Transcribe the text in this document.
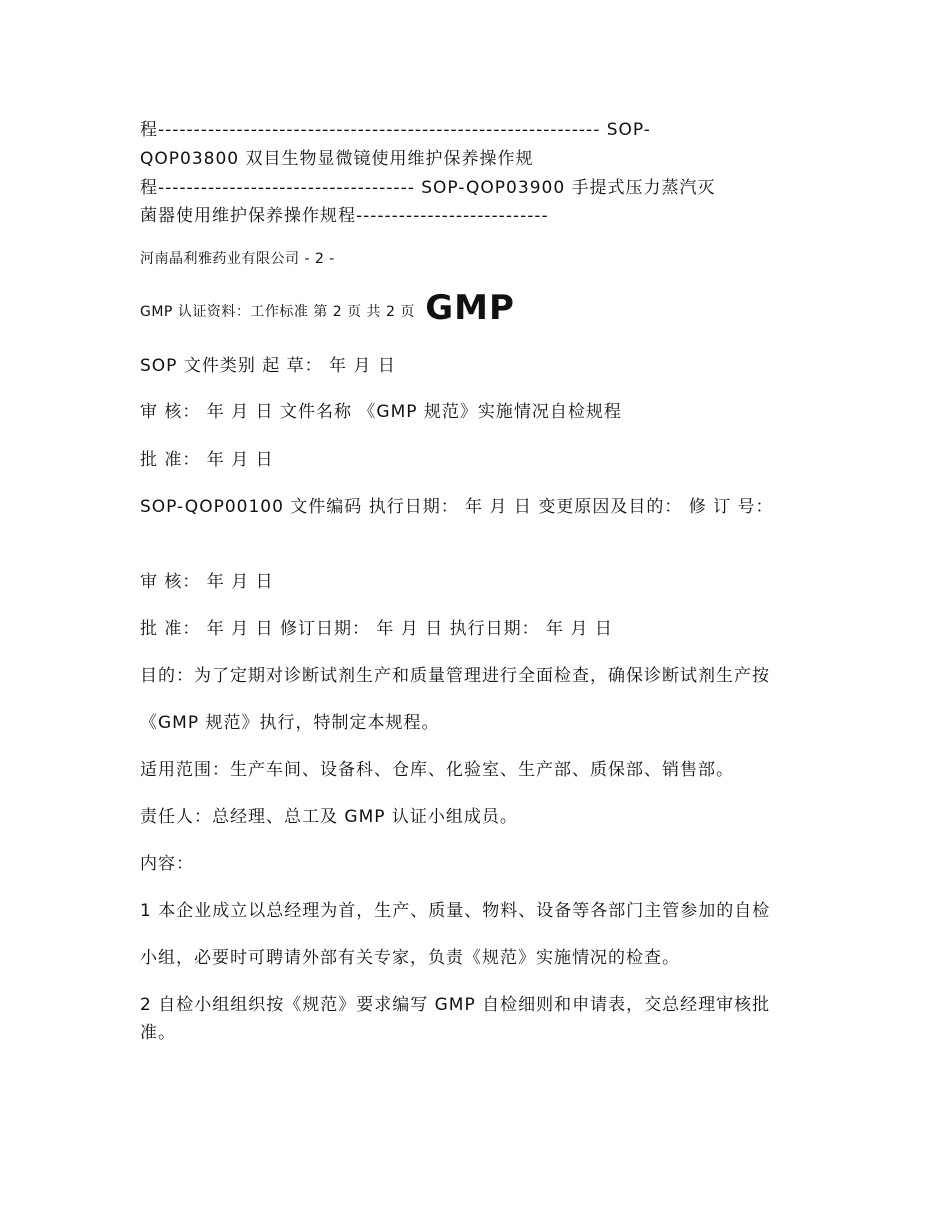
程-------------------------------------------------------------- SOP-
QOP03800 双目生物显微镜使用维护保养操作规
程------------------------------------ SOP-QOP03900 手提式压力蒸汽灭
菌器使用维护保养操作规程---------------------------
河南晶利雅药业有限公司 - 2 -
GMP 认证资料：工作标准 第 2 页 共 2 页 GMP
SOP 文件类别 起 草： 年 月 日
审 核： 年 月 日 文件名称 《GMP 规范》实施情况自检规程
批 准： 年 月 日
SOP-QOP00100 文件编码 执行日期： 年 月 日 变更原因及目的： 修 订 号：
审 核： 年 月 日
批 准： 年 月 日 修订日期： 年 月 日 执行日期： 年 月 日
目的：为了定期对诊断试剂生产和质量管理进行全面检查，确保诊断试剂生产按
《GMP 规范》执行，特制定本规程。
适用范围：生产车间、设备科、仓库、化验室、生产部、质保部、销售部。
责任人：总经理、总工及 GMP 认证小组成员。
内容：
1 本企业成立以总经理为首，生产、质量、物料、设备等各部门主管参加的自检
小组，必要时可聘请外部有关专家，负责《规范》实施情况的检查。
2 自检小组组织按《规范》要求编写 GMP 自检细则和申请表，交总经理审核批
准。
